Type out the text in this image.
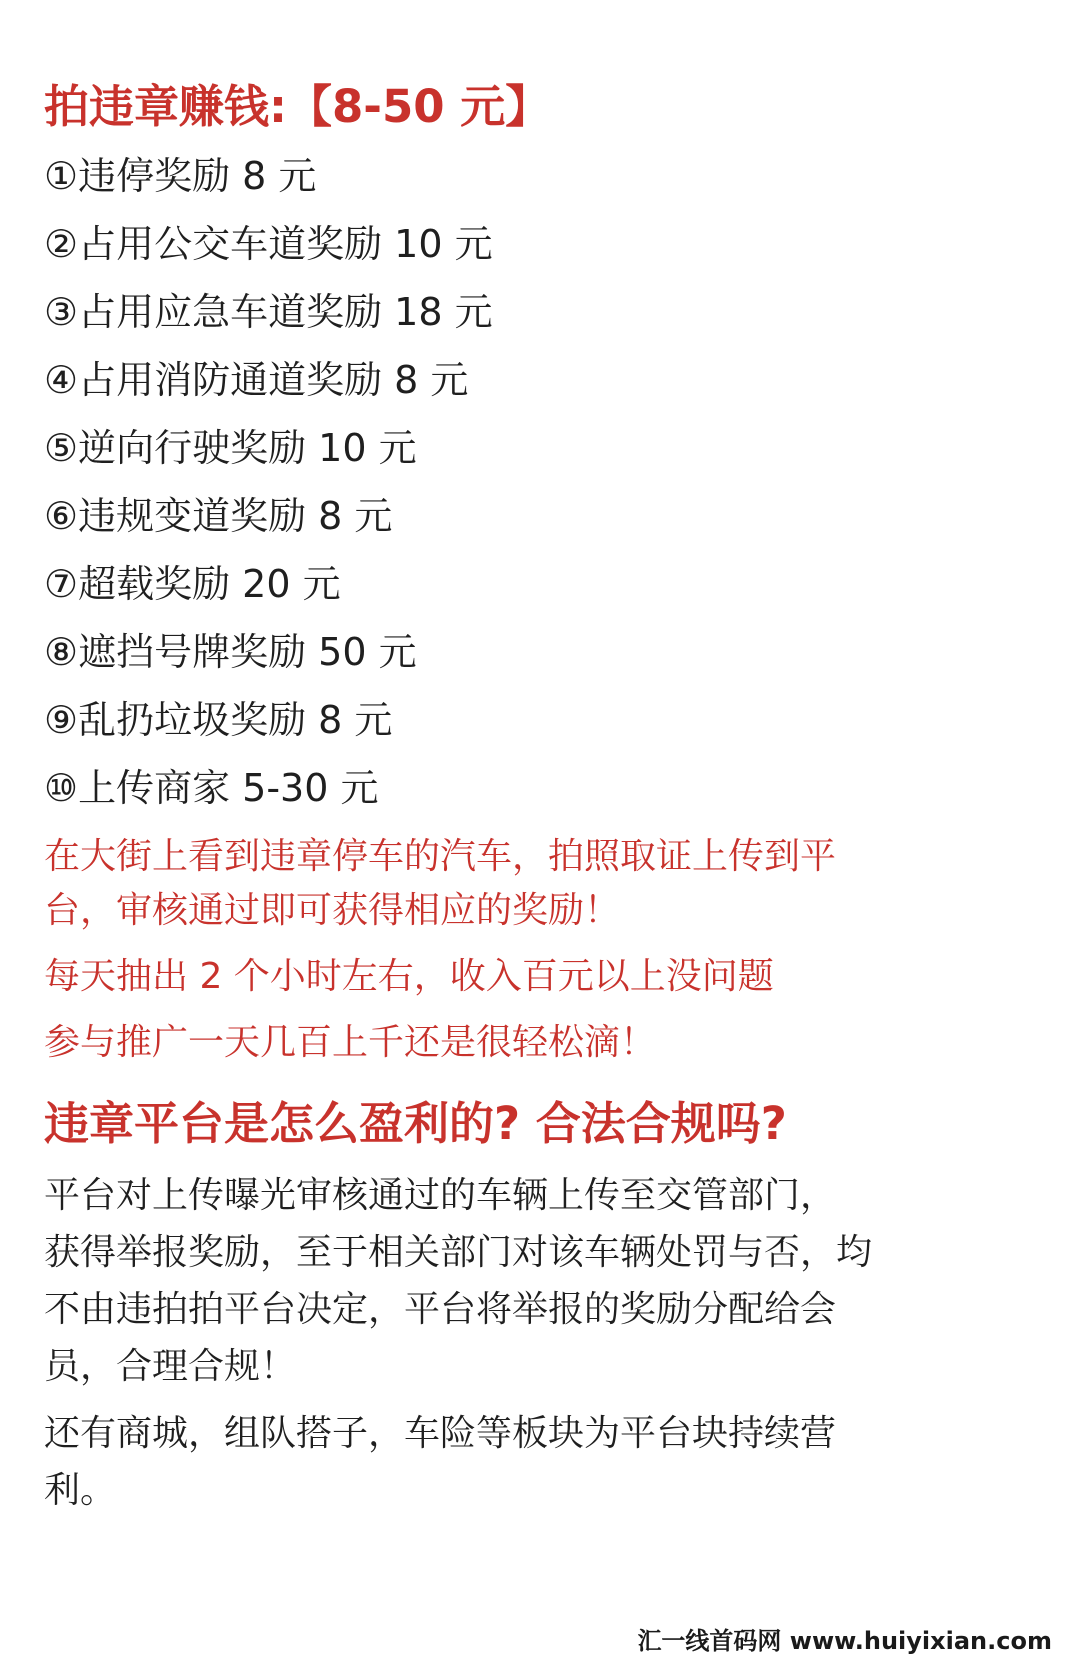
拍违章赚钱:【8-50 元】
①违停奖励 8 元
②占用公交车道奖励 10 元
③占用应急车道奖励 18 元
④占用消防通道奖励 8 元
⑤逆向行驶奖励 10 元
⑥违规变道奖励 8 元
⑦超载奖励 20 元
⑧遮挡号牌奖励 50 元
⑨乱扔垃圾奖励 8 元
⑩上传商家 5-30 元
在大街上看到违章停车的汽车，拍照取证上传到平
台，审核通过即可获得相应的奖励！
每天抽出 2 个小时左右，收入百元以上没问题
参与推广一天几百上千还是很轻松滴！
违章平台是怎么盈利的? 合法合规吗?
平台对上传曝光审核通过的车辆上传至交管部门，
获得举报奖励，至于相关部门对该车辆处罚与否，均
不由违拍拍平台决定，平台将举报的奖励分配给会
员，合理合规！
还有商城，组队搭子，车险等板块为平台块持续营
利。
汇一线首码网 www.huiyixian.com
